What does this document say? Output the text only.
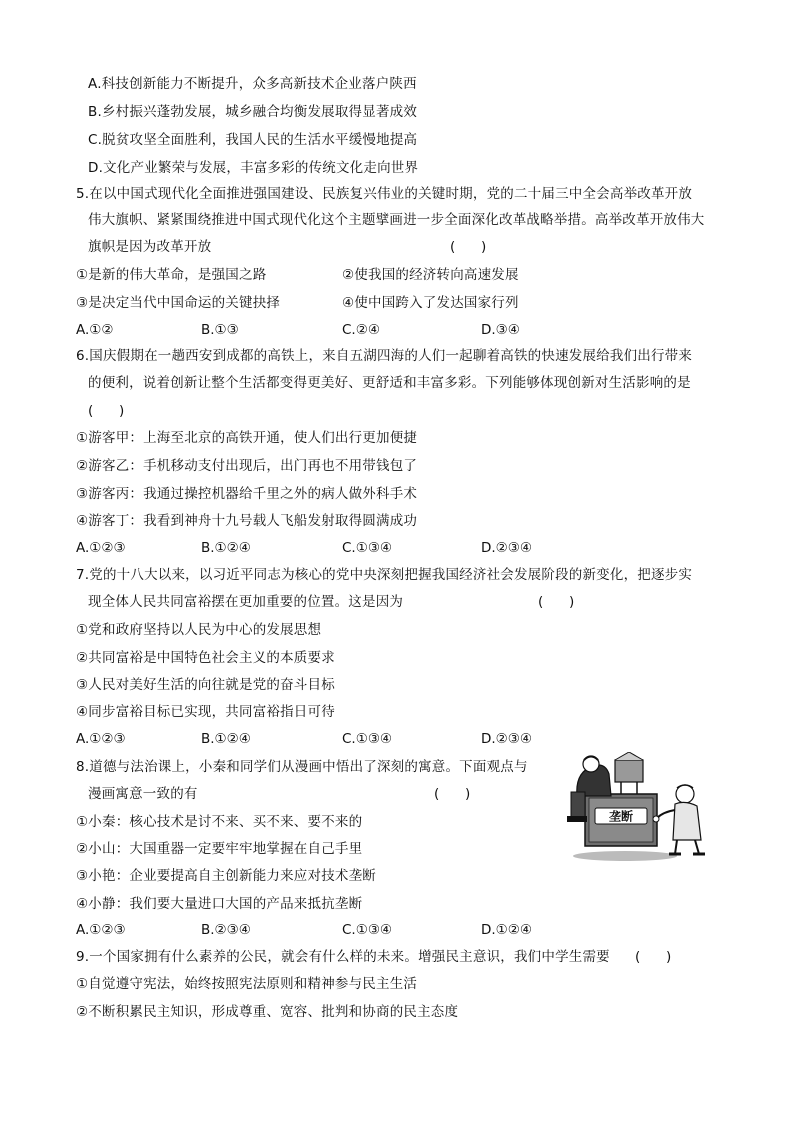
A.科技创新能力不断提升，众多高新技术企业落户陕西
B.乡村振兴蓬勃发展，城乡融合均衡发展取得显著成效
C.脱贫攻坚全面胜利，我国人民的生活水平缓慢地提高
D.文化产业繁荣与发展，丰富多彩的传统文化走向世界
5.在以中国式现代化全面推进强国建设、民族复兴伟业的关键时期，党的二十届三中全会高举改革开放
伟大旗帜、紧紧围绕推进中国式现代化这个主题擘画进一步全面深化改革战略举措。高举改革开放伟大
旗帜是因为改革开放	(      )
①是新的伟大革命，是强国之路	②使我国的经济转向高速发展
③是决定当代中国命运的关键抉择	④使中国跨入了发达国家行列
A.①②	B.①③	C.②④	D.③④
6.国庆假期在一趟西安到成都的高铁上，来自五湖四海的人们一起聊着高铁的快速发展给我们出行带来
的便利，说着创新让整个生活都变得更美好、更舒适和丰富多彩。下列能够体现创新对生活影响的是
(      )
①游客甲：上海至北京的高铁开通，使人们出行更加便捷
②游客乙：手机移动支付出现后，出门再也不用带钱包了
③游客丙：我通过操控机器给千里之外的病人做外科手术
④游客丁：我看到神舟十九号载人飞船发射取得圆满成功
A.①②③	B.①②④	C.①③④	D.②③④
7.党的十八大以来，以习近平同志为核心的党中央深刻把握我国经济社会发展阶段的新变化，把逐步实
现全体人民共同富裕摆在更加重要的位置。这是因为	(      )
①党和政府坚持以人民为中心的发展思想
②共同富裕是中国特色社会主义的本质要求
③人民对美好生活的向往就是党的奋斗目标
④同步富裕目标已实现，共同富裕指日可待
A.①②③	B.①②④	C.①③④	D.②③④
8.道德与法治课上，小秦和同学们从漫画中悟出了深刻的寓意。下面观点与
漫画寓意一致的有	(      )
①小秦：核心技术是讨不来、买不来、要不来的
②小山：大国重器一定要牢牢地掌握在自己手里
③小艳：企业要提高自主创新能力来应对技术垄断
④小静：我们要大量进口大国的产品来抵抗垄断
A.①②③	B.②③④	C.①③④	D.①②④
垄断
9.一个国家拥有什么素养的公民，就会有什么样的未来。增强民主意识，我们中学生需要 (      )
①自觉遵守宪法，始终按照宪法原则和精神参与民主生活
②不断积累民主知识，形成尊重、宽容、批判和协商的民主态度
